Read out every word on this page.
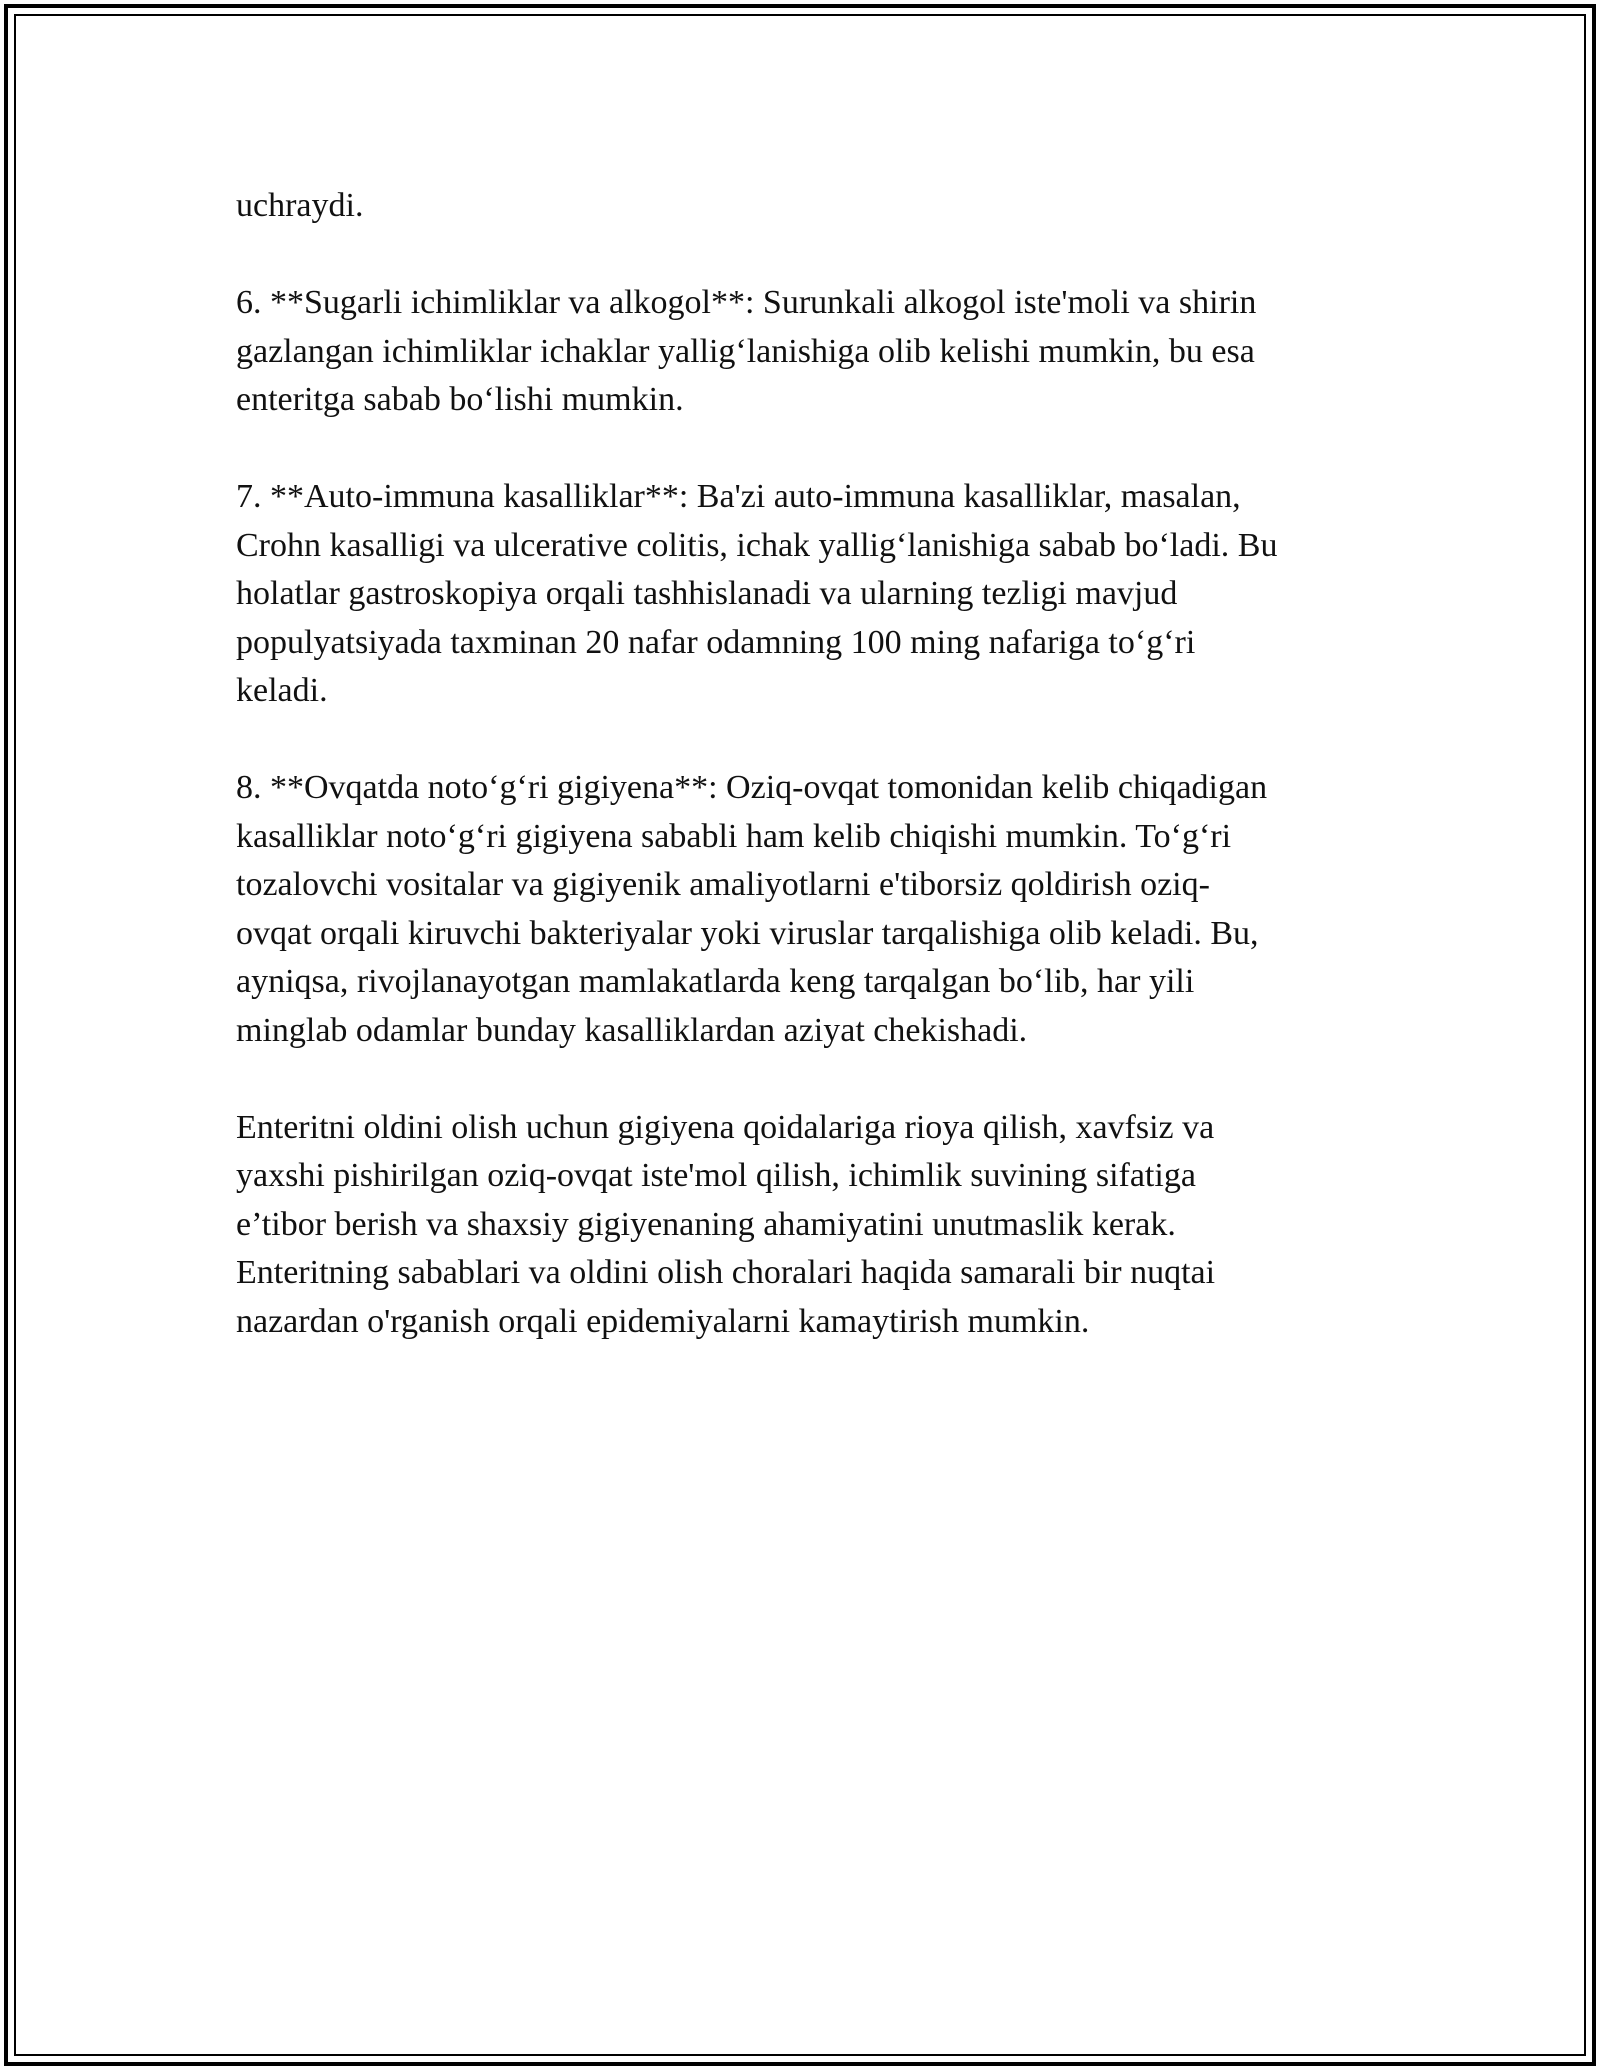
uchraydi.

6. **Sugarli ichimliklar va alkogol**: Surunkali alkogol iste'moli va shirin
gazlangan ichimliklar ichaklar yallig‘lanishiga olib kelishi mumkin, bu esa
enteritga sabab bo‘lishi mumkin.

7. **Auto-immuna kasalliklar**: Ba'zi auto-immuna kasalliklar, masalan,
Crohn kasalligi va ulcerative colitis, ichak yallig‘lanishiga sabab bo‘ladi. Bu
holatlar gastroskopiya orqali tashhislanadi va ularning tezligi mavjud
populyatsiyada taxminan 20 nafar odamning 100 ming nafariga to‘g‘ri
keladi.

8. **Ovqatda noto‘g‘ri gigiyena**: Oziq-ovqat tomonidan kelib chiqadigan
kasalliklar noto‘g‘ri gigiyena sababli ham kelib chiqishi mumkin. To‘g‘ri
tozalovchi vositalar va gigiyenik amaliyotlarni e'tiborsiz qoldirish oziq-
ovqat orqali kiruvchi bakteriyalar yoki viruslar tarqalishiga olib keladi. Bu,
ayniqsa, rivojlanayotgan mamlakatlarda keng tarqalgan bo‘lib, har yili
minglab odamlar bunday kasalliklardan aziyat chekishadi.

Enteritni oldini olish uchun gigiyena qoidalariga rioya qilish, xavfsiz va
yaxshi pishirilgan oziq-ovqat iste'mol qilish, ichimlik suvining sifatiga
e’tibor berish va shaxsiy gigiyenaning ahamiyatini unutmaslik kerak.
Enteritning sabablari va oldini olish choralari haqida samarali bir nuqtai
nazardan o'rganish orqali epidemiyalarni kamaytirish mumkin.
